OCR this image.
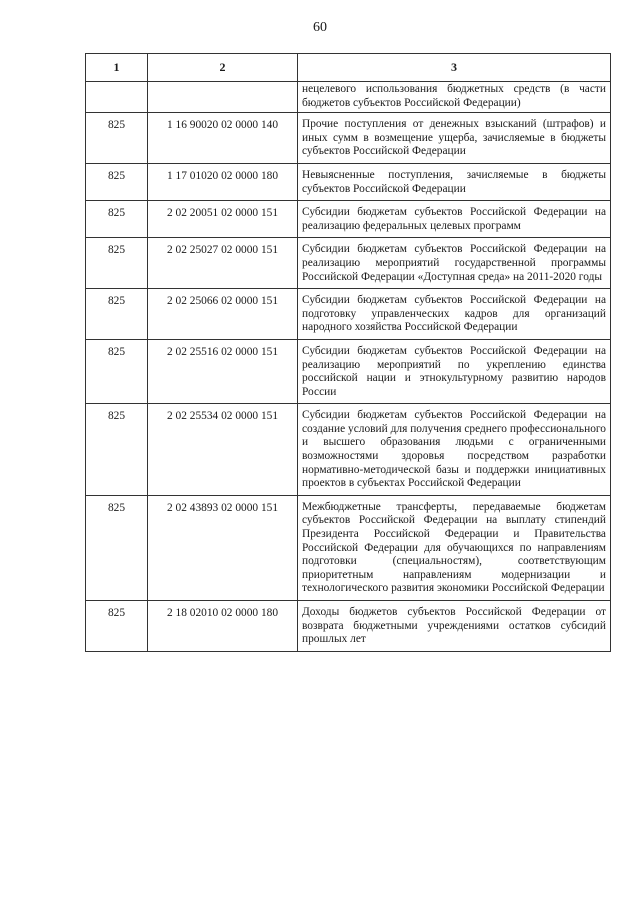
60
1	2	3
		нецелевого использования бюджетных средств (в части бюджетов субъектов Российской Федерации)
825	1 16 90020 02 0000 140	Прочие поступления от денежных взысканий (штрафов) и иных сумм в возмещение ущерба, зачисляемые в бюджеты субъектов Российской Федерации
825	1 17 01020 02 0000 180	Невыясненные поступления, зачисляемые в бюджеты субъектов Российской Федерации
825	2 02 20051 02 0000 151	Субсидии бюджетам субъектов Российской Федерации на реализацию федеральных целевых программ
825	2 02 25027 02 0000 151	Субсидии бюджетам субъектов Российской Федерации на реализацию мероприятий государственной программы Российской Федерации «Доступная среда» на 2011-2020 годы
825	2 02 25066 02 0000 151	Субсидии бюджетам субъектов Российской Федерации на подготовку управленческих кадров для организаций народного хозяйства Российской Федерации
825	2 02 25516 02 0000 151	Субсидии бюджетам субъектов Российской Федерации на реализацию мероприятий по укреплению единства российской нации и этнокультурному развитию народов России
825	2 02 25534 02 0000 151	Субсидии бюджетам субъектов Российской Федерации на создание условий для получения среднего профессионального и высшего образования людьми с ограниченными возможностями здоровья посредством разработки нормативно-методической базы и поддержки инициативных проектов в субъектах Российской Федерации
825	2 02 43893 02 0000 151	Межбюджетные трансферты, передаваемые бюджетам субъектов Российской Федерации на выплату стипендий Президента Российской Федерации и Правительства Российской Федерации для обучающихся по направлениям подготовки (специальностям), соответствующим приоритетным направлениям модернизации и технологического развития экономики Российской Федерации
825	2 18 02010 02 0000 180	Доходы бюджетов субъектов Российской Федерации от возврата бюджетными учреждениями остатков субсидий прошлых лет
